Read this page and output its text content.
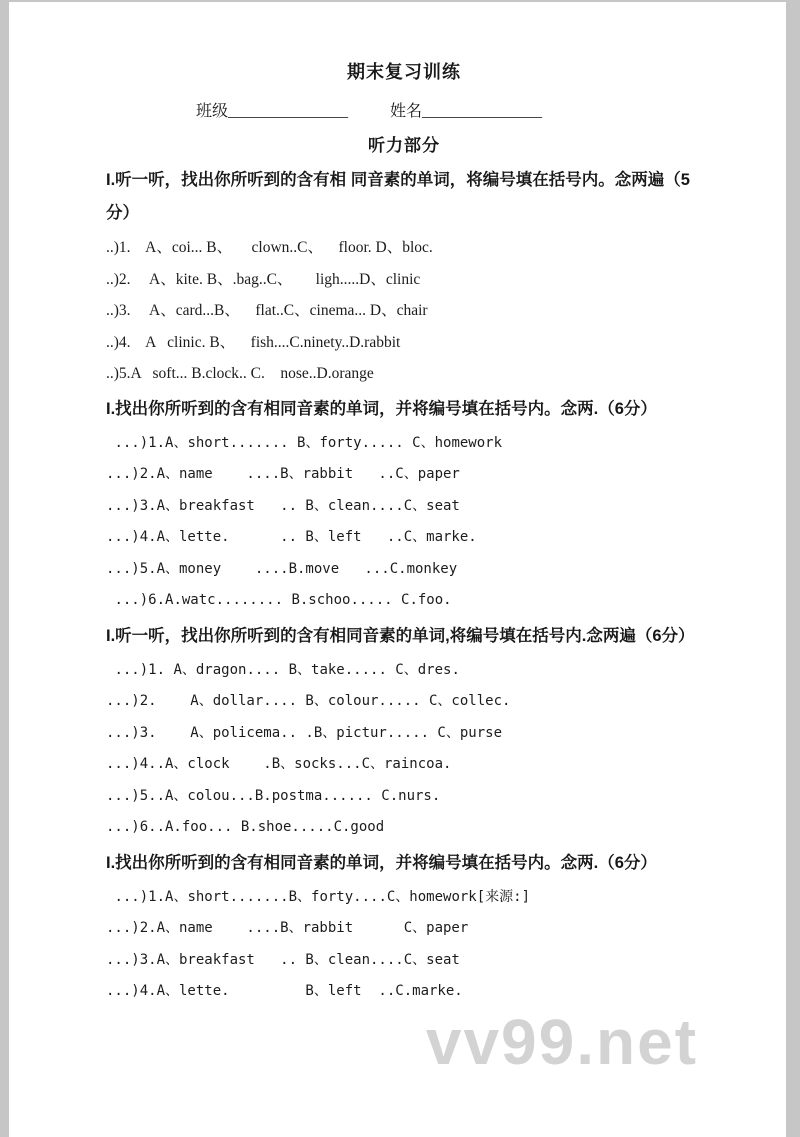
期末复习训练
班级_______________	姓名_______________
听力部分

I.听一听，找出你所听到的含有相 同音素的单词，将编号填在括号内。念两遍（5分）

..)1.    A、coi... B、     clown..C、    floor. D、bloc.

..)2.     A、kite. B、.bag..C、      ligh.....D、clinic

..)3.     A、card...B、    flat..C、cinema... D、chair

..)4.    A   clinic. B、    fish....C.ninety..D.rabbit

..)5.A   soft... B.clock.. C.    nose..D.orange

I.找出你所听到的含有相同音素的单词，并将编号填在括号内。念两.（6分）

...)1.A、short....... B、forty..... C、homework

...)2.A、name    ....B、rabbit   ..C、paper

...)3.A、breakfast   .. B、clean....C、seat

...)4.A、lette.      .. B、left   ..C、marke.

...)5.A、money    ....B.move   ...C.monkey

...)6.A.watc........ B.schoo..... C.foo.

I.听一听，找出你所听到的含有相同音素的单词,将编号填在括号内.念两遍（6分）

...)1. A、dragon.... B、take..... C、dres.

...)2.    A、dollar.... B、colour..... C、collec.

...)3.    A、policema.. .B、pictur..... C、purse

...)4..A、clock    .B、socks...C、raincoa.

...)5..A、colou...B.postma...... C.nurs.

...)6..A.foo... B.shoe.....C.good

I.找出你所听到的含有相同音素的单词，并将编号填在括号内。念两.（6分）

...)1.A、short.......B、forty....C、homework[来源:]

...)2.A、name    ....B、rabbit      C、paper

...)3.A、breakfast   .. B、clean....C、seat

...)4.A、lette.         B、left  ..C.marke.

vv99.net
